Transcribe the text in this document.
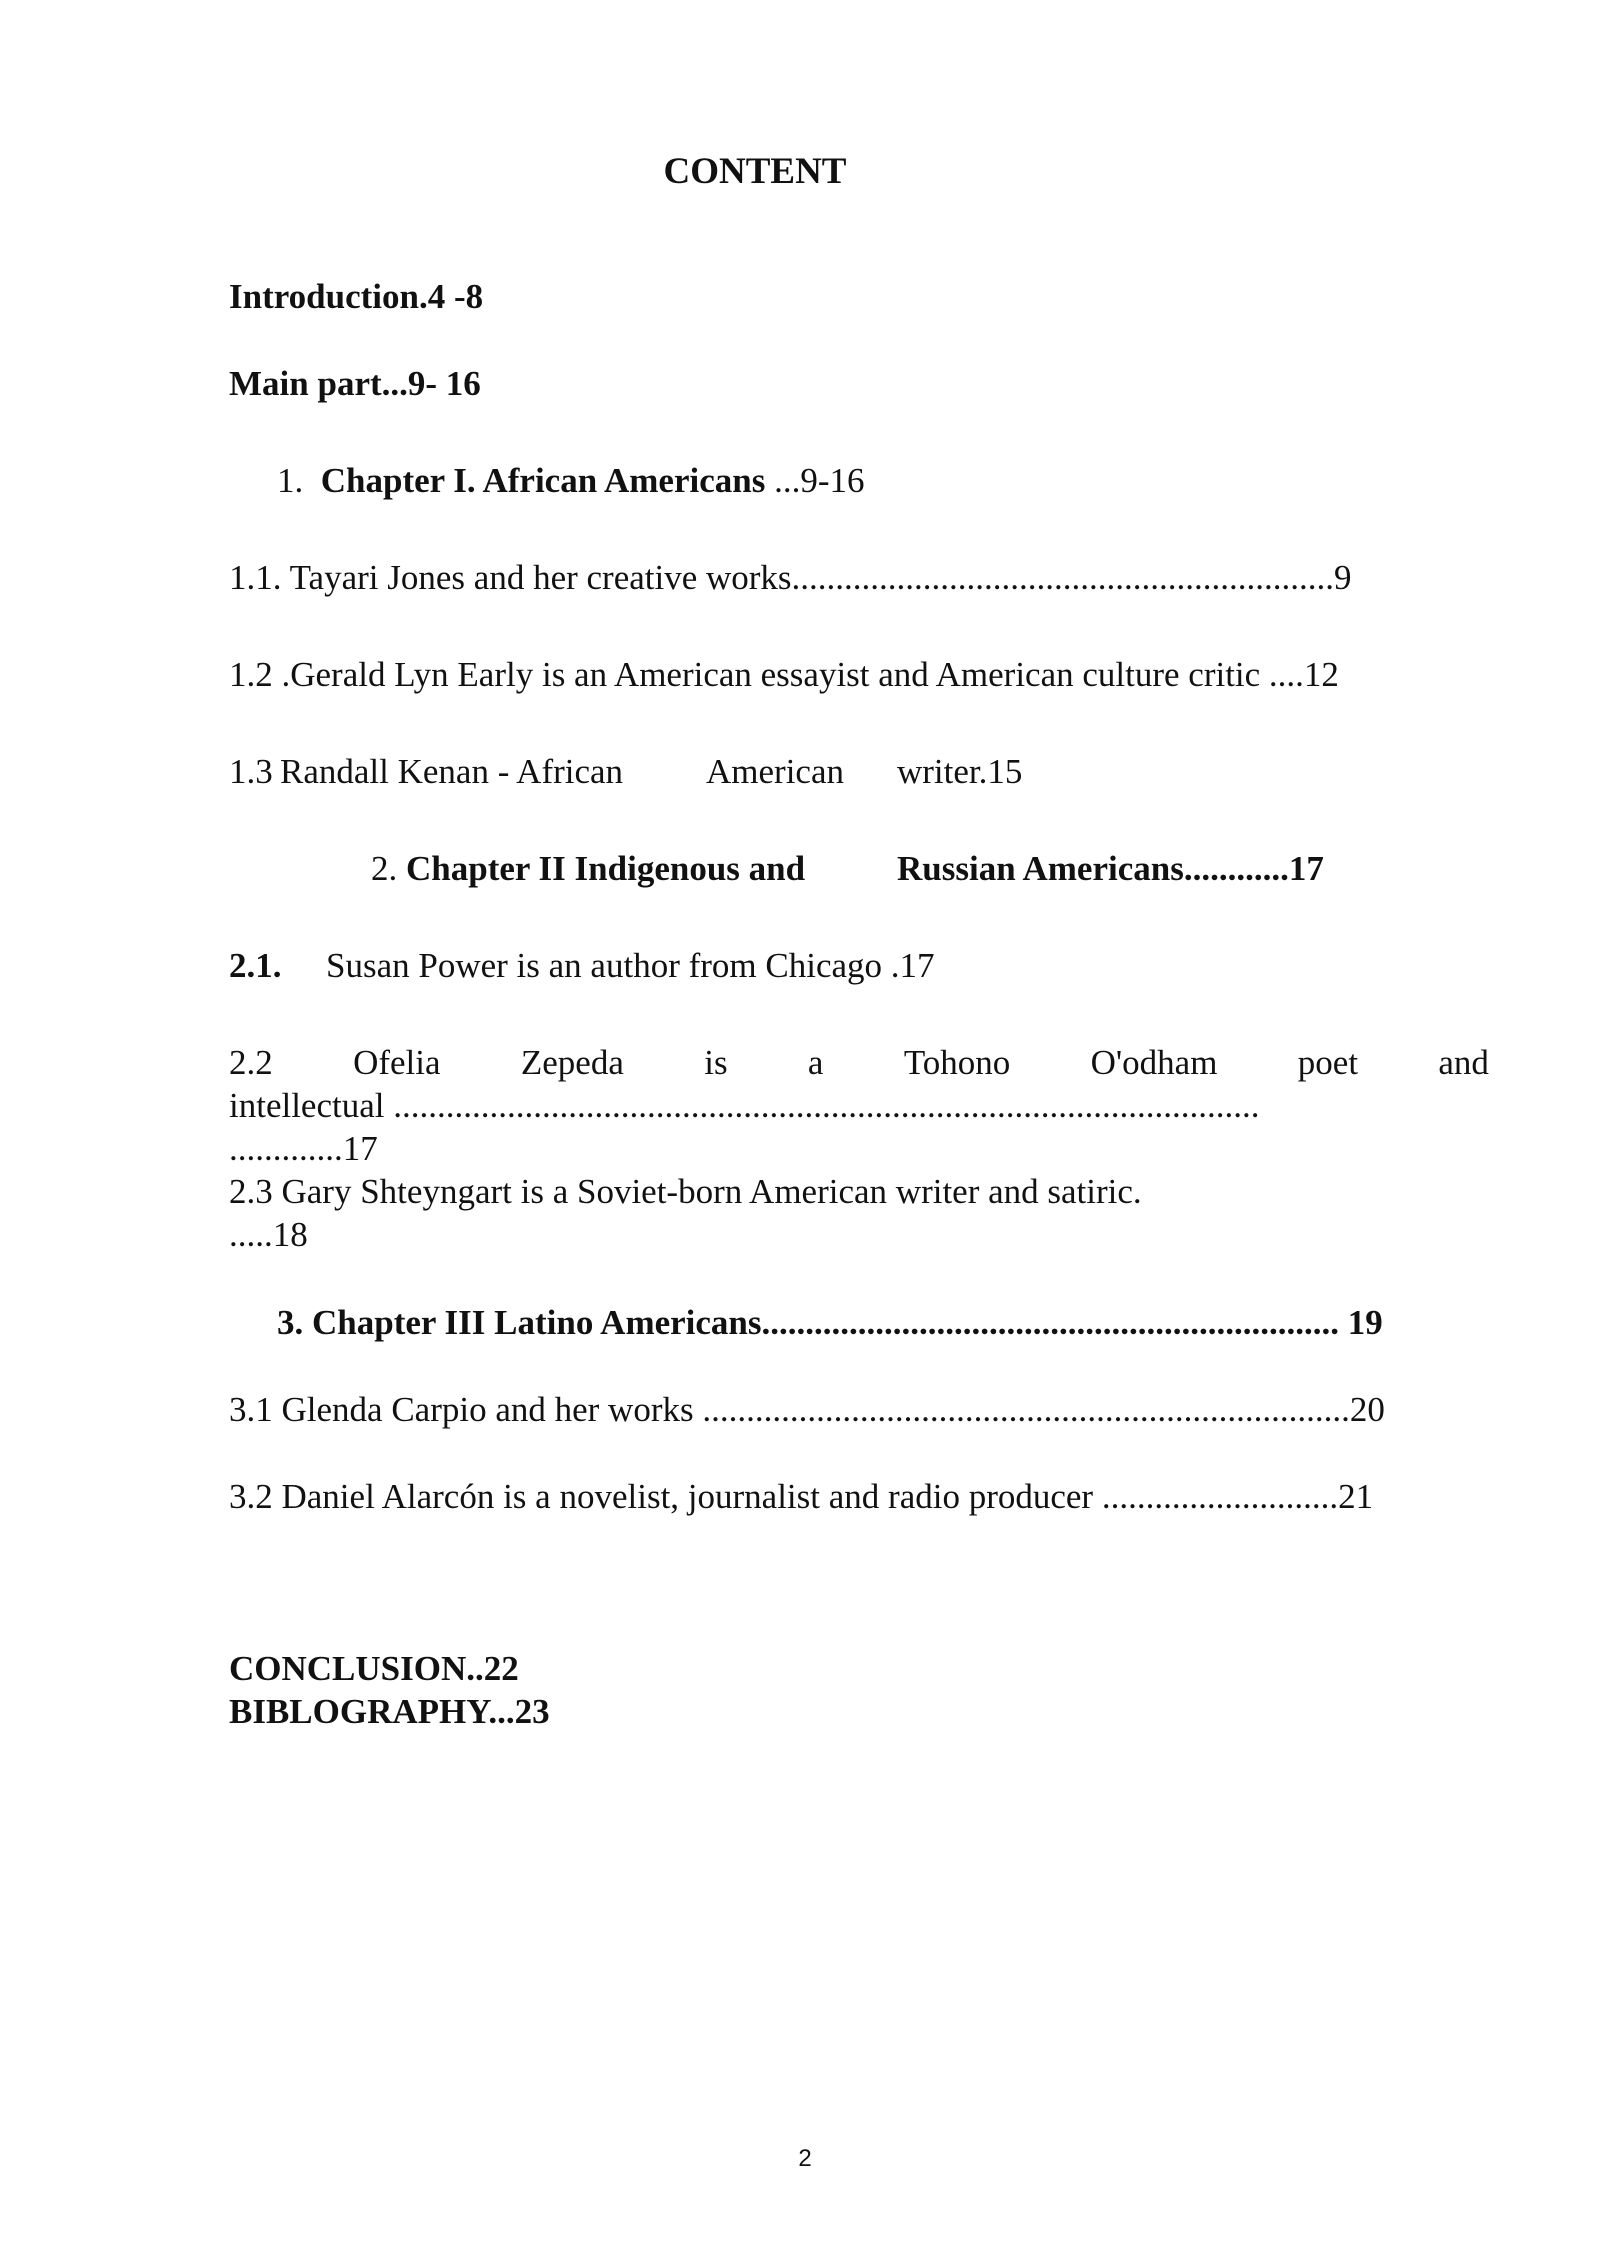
CONTENT
Introduction.4 -8
Main part...9- 16
1. Chapter I. African Americans ...9-16
1.1. Tayari Jones and her creative works..............................................................9
1.2 .Gerald Lyn Early is an American essayist and American culture critic ....12
1.3 Randall Kenan - African American writer.15
2. Chapter II Indigenous and	Russian Americans............17
2.1. Susan Power is an author from Chicago .17
2.2 Ofelia Zepeda is a Tohono O'odham poet and
intellectual ...................................................................................................
.............17
2.3 Gary Shteyngart is a Soviet-born American writer and satiric.
.....18
3. Chapter III Latino Americans.................................................................. 19
3.1 Glenda Carpio and her works ..........................................................................20
3.2 Daniel Alarcón is a novelist, journalist and radio producer ...........................21
CONCLUSION..22
BIBLOGRAPHY...23
2
